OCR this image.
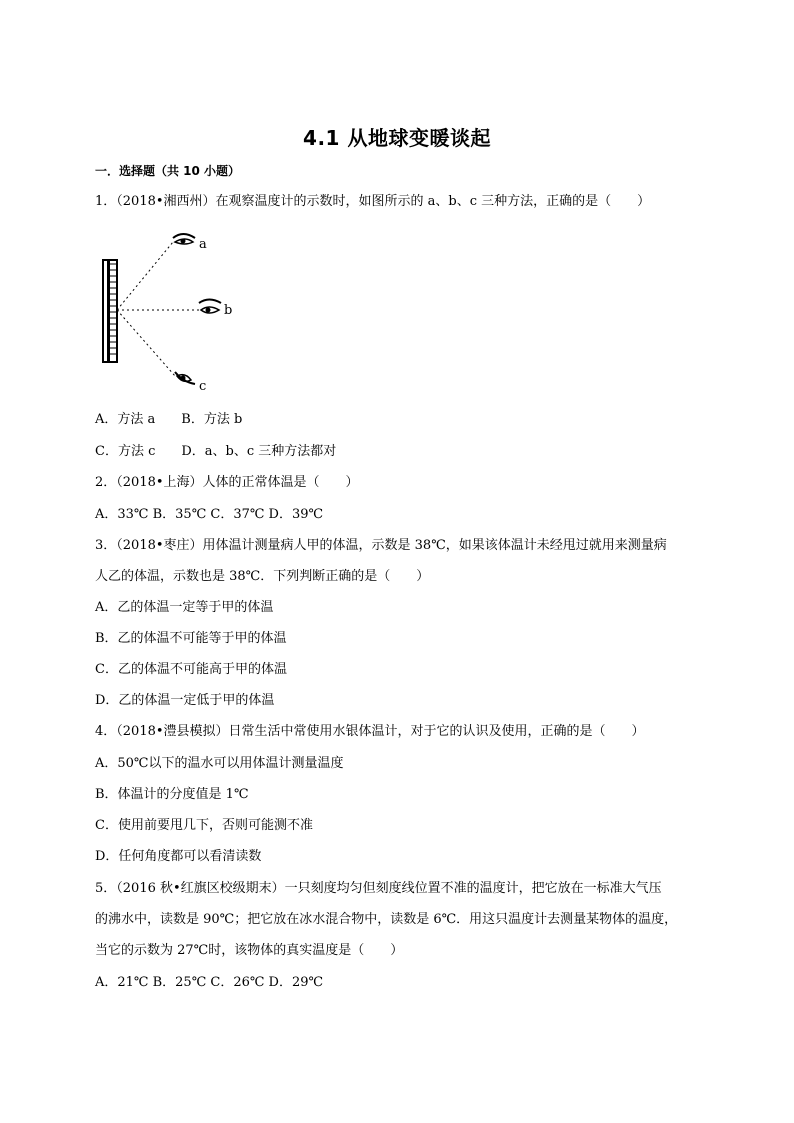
4.1 从地球变暖谈起
一．选择题（共 10 小题）
1．（2018•湘西州）在观察温度计的示数时，如图所示的 a、b、c 三种方法，正确的是（　　）
a
b
c
A．方法 a　　B．方法 b
C．方法 c　　D．a、b、c 三种方法都对
2．（2018•上海）人体的正常体温是（　　）
A．33℃ B．35℃ C．37℃ D．39℃
3．（2018•枣庄）用体温计测量病人甲的体温，示数是 38℃，如果该体温计未经甩过就用来测量病
人乙的体温，示数也是 38℃．下列判断正确的是（　　）
A．乙的体温一定等于甲的体温
B．乙的体温不可能等于甲的体温
C．乙的体温不可能高于甲的体温
D．乙的体温一定低于甲的体温
4．（2018•澧县模拟）日常生活中常使用水银体温计，对于它的认识及使用，正确的是（　　）
A．50℃以下的温水可以用体温计测量温度
B．体温计的分度值是 1℃
C．使用前要甩几下，否则可能测不准
D．任何角度都可以看清读数
5．（2016 秋•红旗区校级期末）一只刻度均匀但刻度线位置不准的温度计，把它放在一标准大气压
的沸水中，读数是 90℃；把它放在冰水混合物中，读数是 6℃．用这只温度计去测量某物体的温度，
当它的示数为 27℃时，该物体的真实温度是（　　）
A．21℃ B．25℃ C．26℃ D．29℃
